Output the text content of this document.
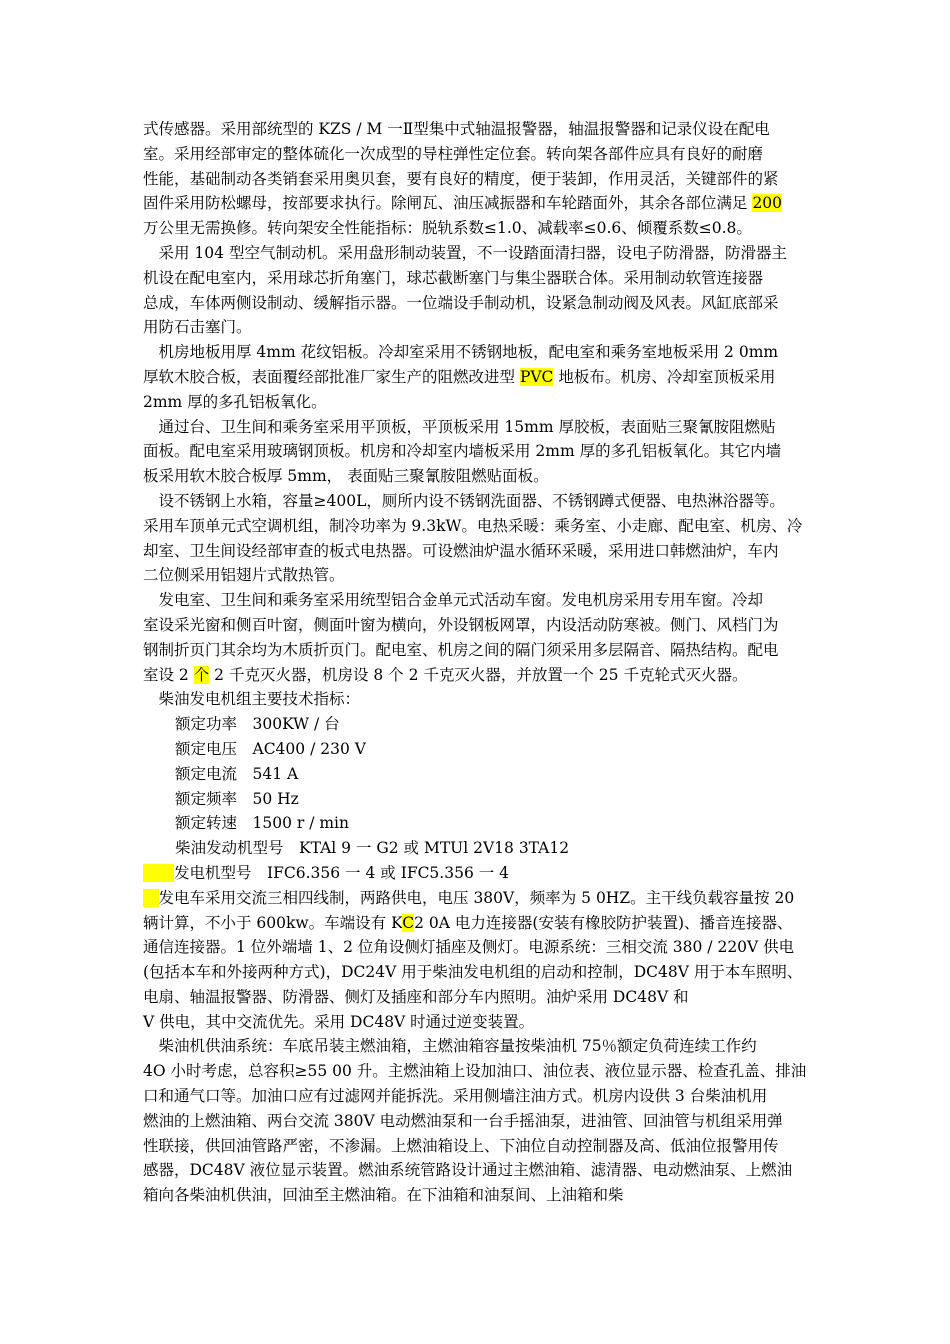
式传感器。采用部统型的 KZS / M 一Ⅱ型集中式轴温报警器，轴温报警器和记录仪设在配电
室。采用经部审定的整体硫化一次成型的导柱弹性定位套。转向架各部件应具有良好的耐磨
性能，基础制动各类销套采用奥贝套，要有良好的精度，便于装卸，作用灵活，关键部件的紧
固件采用防松螺母，按部要求执行。除闸瓦、油压减振器和车轮踏面外，其余各部位满足 200
万公里无需换修。转向架安全性能指标：脱轨系数≤1.0、减载率≤0.6、倾覆系数≤0.8。
　采用 104 型空气制动机。采用盘形制动装置，不一设踏面清扫器，设电子防滑器，防滑器主
机设在配电室内，采用球芯折角塞门，球芯截断塞门与集尘器联合体。采用制动软管连接器
总成，车体两侧设制动、缓解指示器。一位端设手制动机，设紧急制动阀及风表。风缸底部采
用防石击塞门。
　机房地板用厚 4mm 花纹铝板。冷却室采用不锈钢地板，配电室和乘务室地板采用 2 0mm
厚软木胶合板，表面覆经部批准厂家生产的阻燃改进型 PVC 地板布。机房、冷却室顶板采用
2mm 厚的多孔铝板氧化。
　通过台、卫生间和乘务室采用平顶板，平顶板采用 15mm 厚胶板，表面贴三聚氰胺阻燃贴
面板。配电室采用玻璃钢顶板。机房和冷却室内墙板采用 2mm 厚的多孔铝板氧化。其它内墙
板采用软木胶合板厚 5mm， 表面贴三聚氰胺阻燃贴面板。
　设不锈钢上水箱，容量≥400L，厕所内设不锈钢洗面器、不锈钢蹲式便器、电热淋浴器等。
采用车顶单元式空调机组，制冷功率为 9.3kW。电热采暖：乘务室、小走廊、配电室、机房、冷
却室、卫生间设经部审查的板式电热器。可设燃油炉温水循环采暖，采用进口韩燃油炉，车内
二位侧采用铝翅片式散热管。
　发电室、卫生间和乘务室采用统型铝合金单元式活动车窗。发电机房采用专用车窗。冷却
室设采光窗和侧百叶窗，侧面叶窗为横向，外设钢板网罩，内设活动防寒被。侧门、风档门为
钢制折页门其余均为木质折页门。配电室、机房之间的隔门须采用多层隔音、隔热结构。配电
室设 2 个 2 千克灭火器，机房设 8 个 2 千克灭火器，并放置一个 25 千克轮式灭火器。
　柴油发电机组主要技术指标：
额定功率　300KW / 台
额定电压　AC400 / 230 V
额定电流　541 A
额定频率　50 Hz
额定转速　1500 r / min
柴油发动机型号　KTAl 9 一 G2 或 MTUl 2V18 3TA12
　　发电机型号　IFC6.356 一 4 或 IFC5.356 一 4
　发电车采用交流三相四线制，两路供电，电压 380V，频率为 5 0HZ。主干线负载容量按 20
辆计算，不小于 600kw。车端设有 KC2 0A 电力连接器(安装有橡胶防护装置)、播音连接器、
通信连接器。1 位外端墙 1、2 位角设侧灯插座及侧灯。电源系统：三相交流 380 / 220V 供电
(包括本车和外接两种方式)，DC24V 用于柴油发电机组的启动和控制，DC48V 用于本车照明、
电扇、轴温报警器、防滑器、侧灯及插座和部分车内照明。油炉采用 DC48V 和
V 供电，其中交流优先。采用 DC48V 时通过逆变装置。
　柴油机供油系统：车底吊装主燃油箱，主燃油箱容量按柴油机 75％额定负荷连续工作约
4O 小时考虑，总容积≥55 00 升。主燃油箱上设加油口、油位表、液位显示器、检查孔盖、排油
口和通气口等。加油口应有过滤网并能拆洗。采用侧墙注油方式。机房内设供 3 台柴油机用
燃油的上燃油箱、两台交流 380V 电动燃油泵和一台手摇油泵，进油管、回油管与机组采用弹
性联接，供回油管路严密，不渗漏。上燃油箱设上、下油位自动控制器及高、低油位报警用传
感器，DC48V 液位显示装置。燃油系统管路设计通过主燃油箱、滤清器、电动燃油泵、上燃油
箱向各柴油机供油，回油至主燃油箱。在下油箱和油泵间、上油箱和柴
